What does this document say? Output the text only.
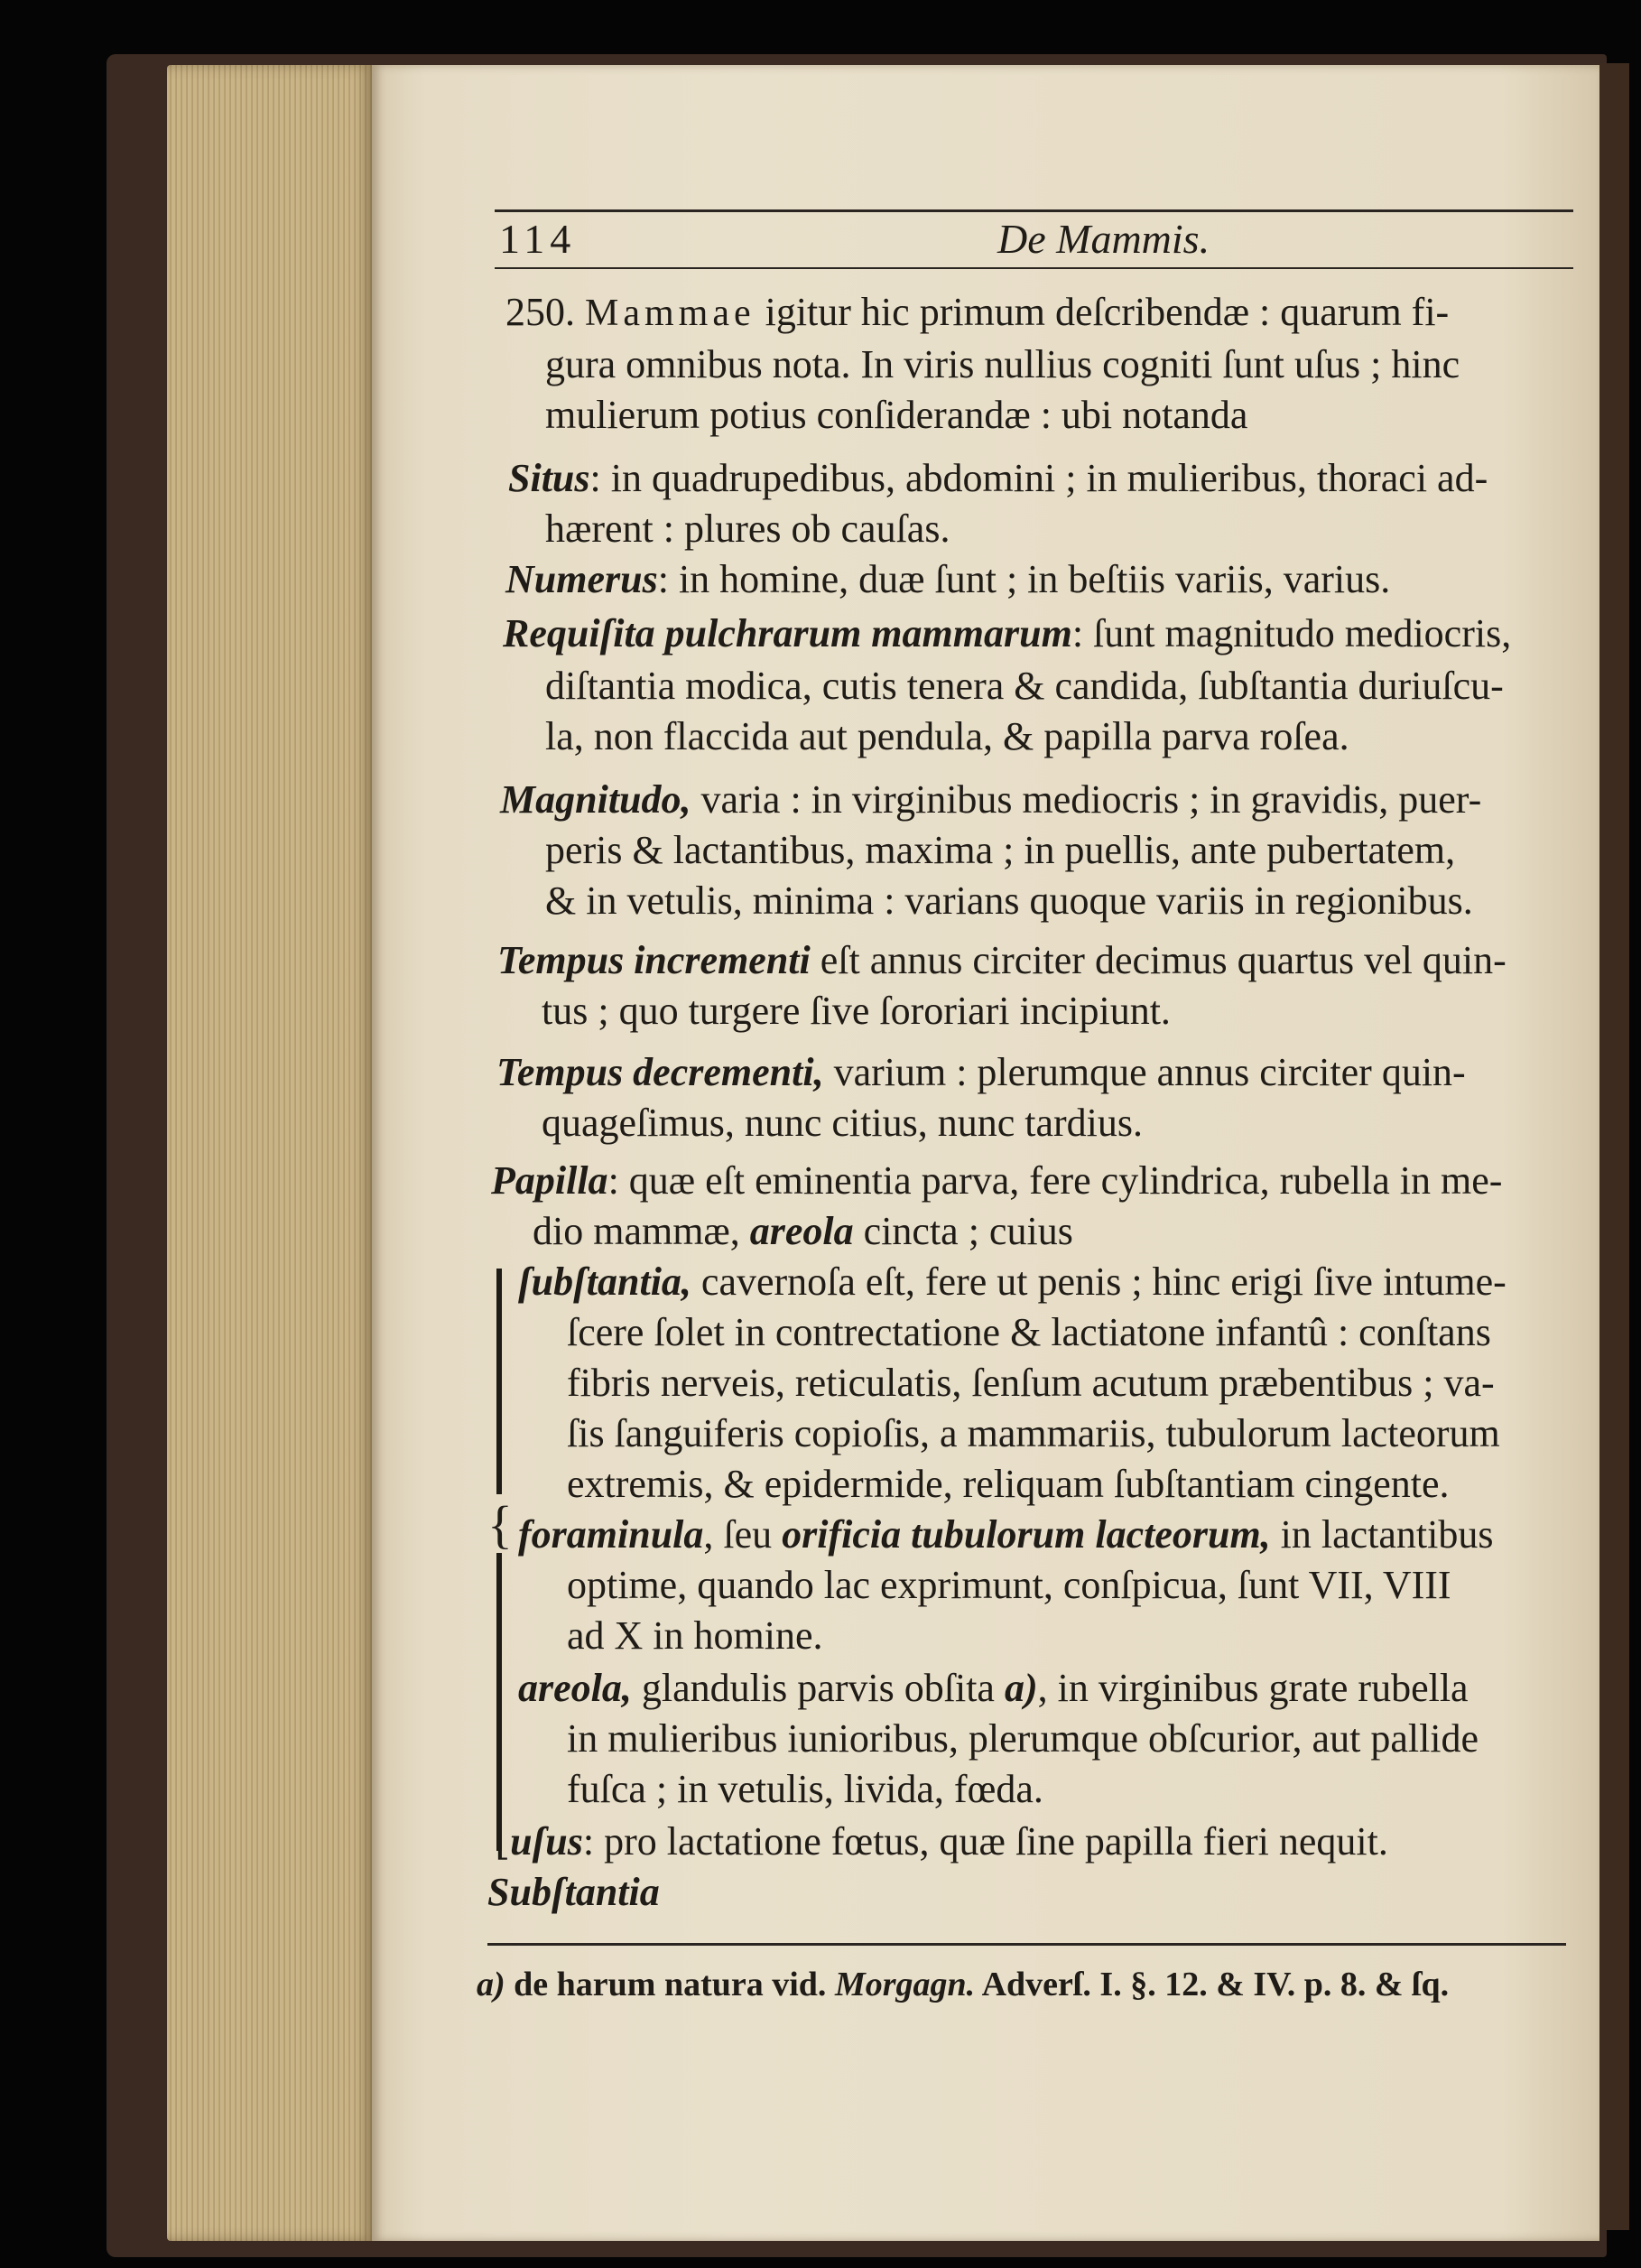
114	De Mammis.
250. Mammae igitur hic primum deſcribendæ : quarum fi-
gura omnibus nota. In viris nullius cogniti ſunt uſus ; hinc
mulierum potius conſiderandæ : ubi notanda
Situs: in quadrupedibus, abdomini ; in mulieribus, thoraci ad-
hærent : plures ob cauſas.
Numerus: in homine, duæ ſunt ; in beſtiis variis, varius.
Requiſita pulchrarum mammarum: ſunt magnitudo mediocris,
diſtantia modica, cutis tenera & candida, ſubſtantia duriuſcu-
la, non flaccida aut pendula, & papilla parva roſea.
Magnitudo, varia : in virginibus mediocris ; in gravidis, puer-
peris & lactantibus, maxima ; in puellis, ante pubertatem,
& in vetulis, minima : varians quoque variis in regionibus.
Tempus incrementi eſt annus circiter decimus quartus vel quin-
tus ; quo turgere ſive ſororiari incipiunt.
Tempus decrementi, varium : plerumque annus circiter quin-
quageſimus, nunc citius, nunc tardius.
Papilla: quæ eſt eminentia parva, fere cylindrica, rubella in me-
dio mammæ, areola cincta ; cuius
{
ſubſtantia, cavernoſa eſt, fere ut penis ; hinc erigi ſive intume-
ſcere ſolet in contrectatione & lactiatone infantû : conſtans
fibris nerveis, reticulatis, ſenſum acutum præbentibus ; va-
ſis ſanguiferis copioſis, a mammariis, tubulorum lacteorum
extremis, & epidermide, reliquam ſubſtantiam cingente.
foraminula, ſeu orificia tubulorum lacteorum, in lactantibus
optime, quando lac exprimunt, conſpicua, ſunt VII, VIII
ad X in homine.
areola, glandulis parvis obſita a), in virginibus grate rubella
in mulieribus iunioribus, plerumque obſcurior, aut pallide
fuſca ; in vetulis, livida, fœda.
⌊uſus: pro lactatione fœtus, quæ ſine papilla fieri nequit.
Subſtantia
a) de harum natura vid. Morgagn. Adverſ. I. §. 12. & IV. p. 8. & ſq.
